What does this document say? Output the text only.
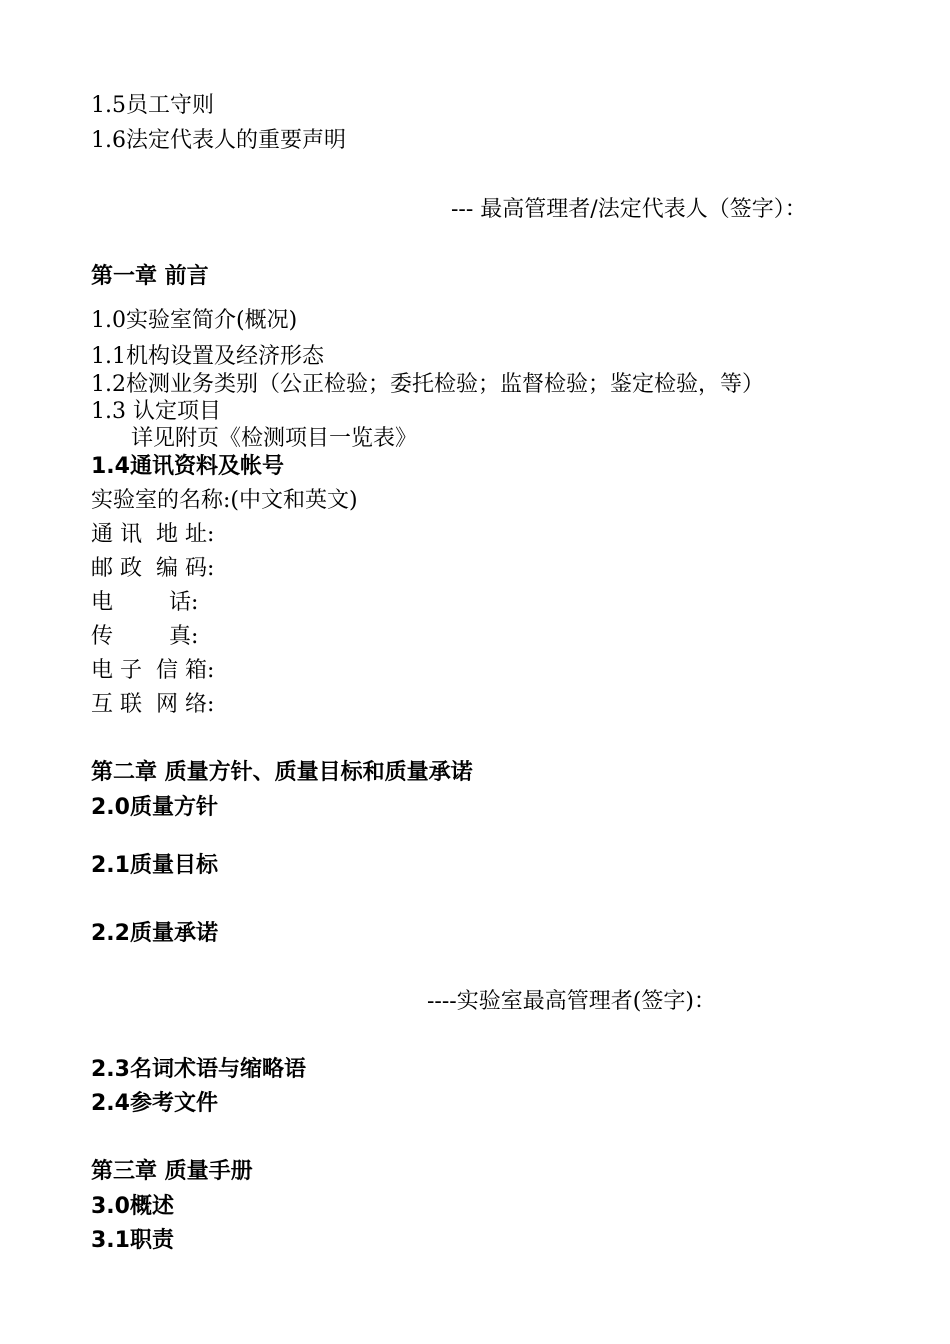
1.5员工守则
1.6法定代表人的重要声明
--- 最高管理者/法定代表人（签字）：
第一章 前言
1.0实验室简介(概况)
1.1机构设置及经济形态
1.2检测业务类别（公正检验；委托检验；监督检验；鉴定检验，等）
1.3 认定项目
详见附页《检测项目一览表》
1.4通讯资料及帐号
实验室的名称:(中文和英文)
通 讯  地 址:
邮 政  编 码:
电        话:
传        真:
电 子  信 箱:
互 联  网 络:
第二章 质量方针、质量目标和质量承诺
2.0质量方针
2.1质量目标
2.2质量承诺
----实验室最高管理者(签字)：
2.3名词术语与缩略语
2.4参考文件
第三章 质量手册
3.0概述
3.1职责
